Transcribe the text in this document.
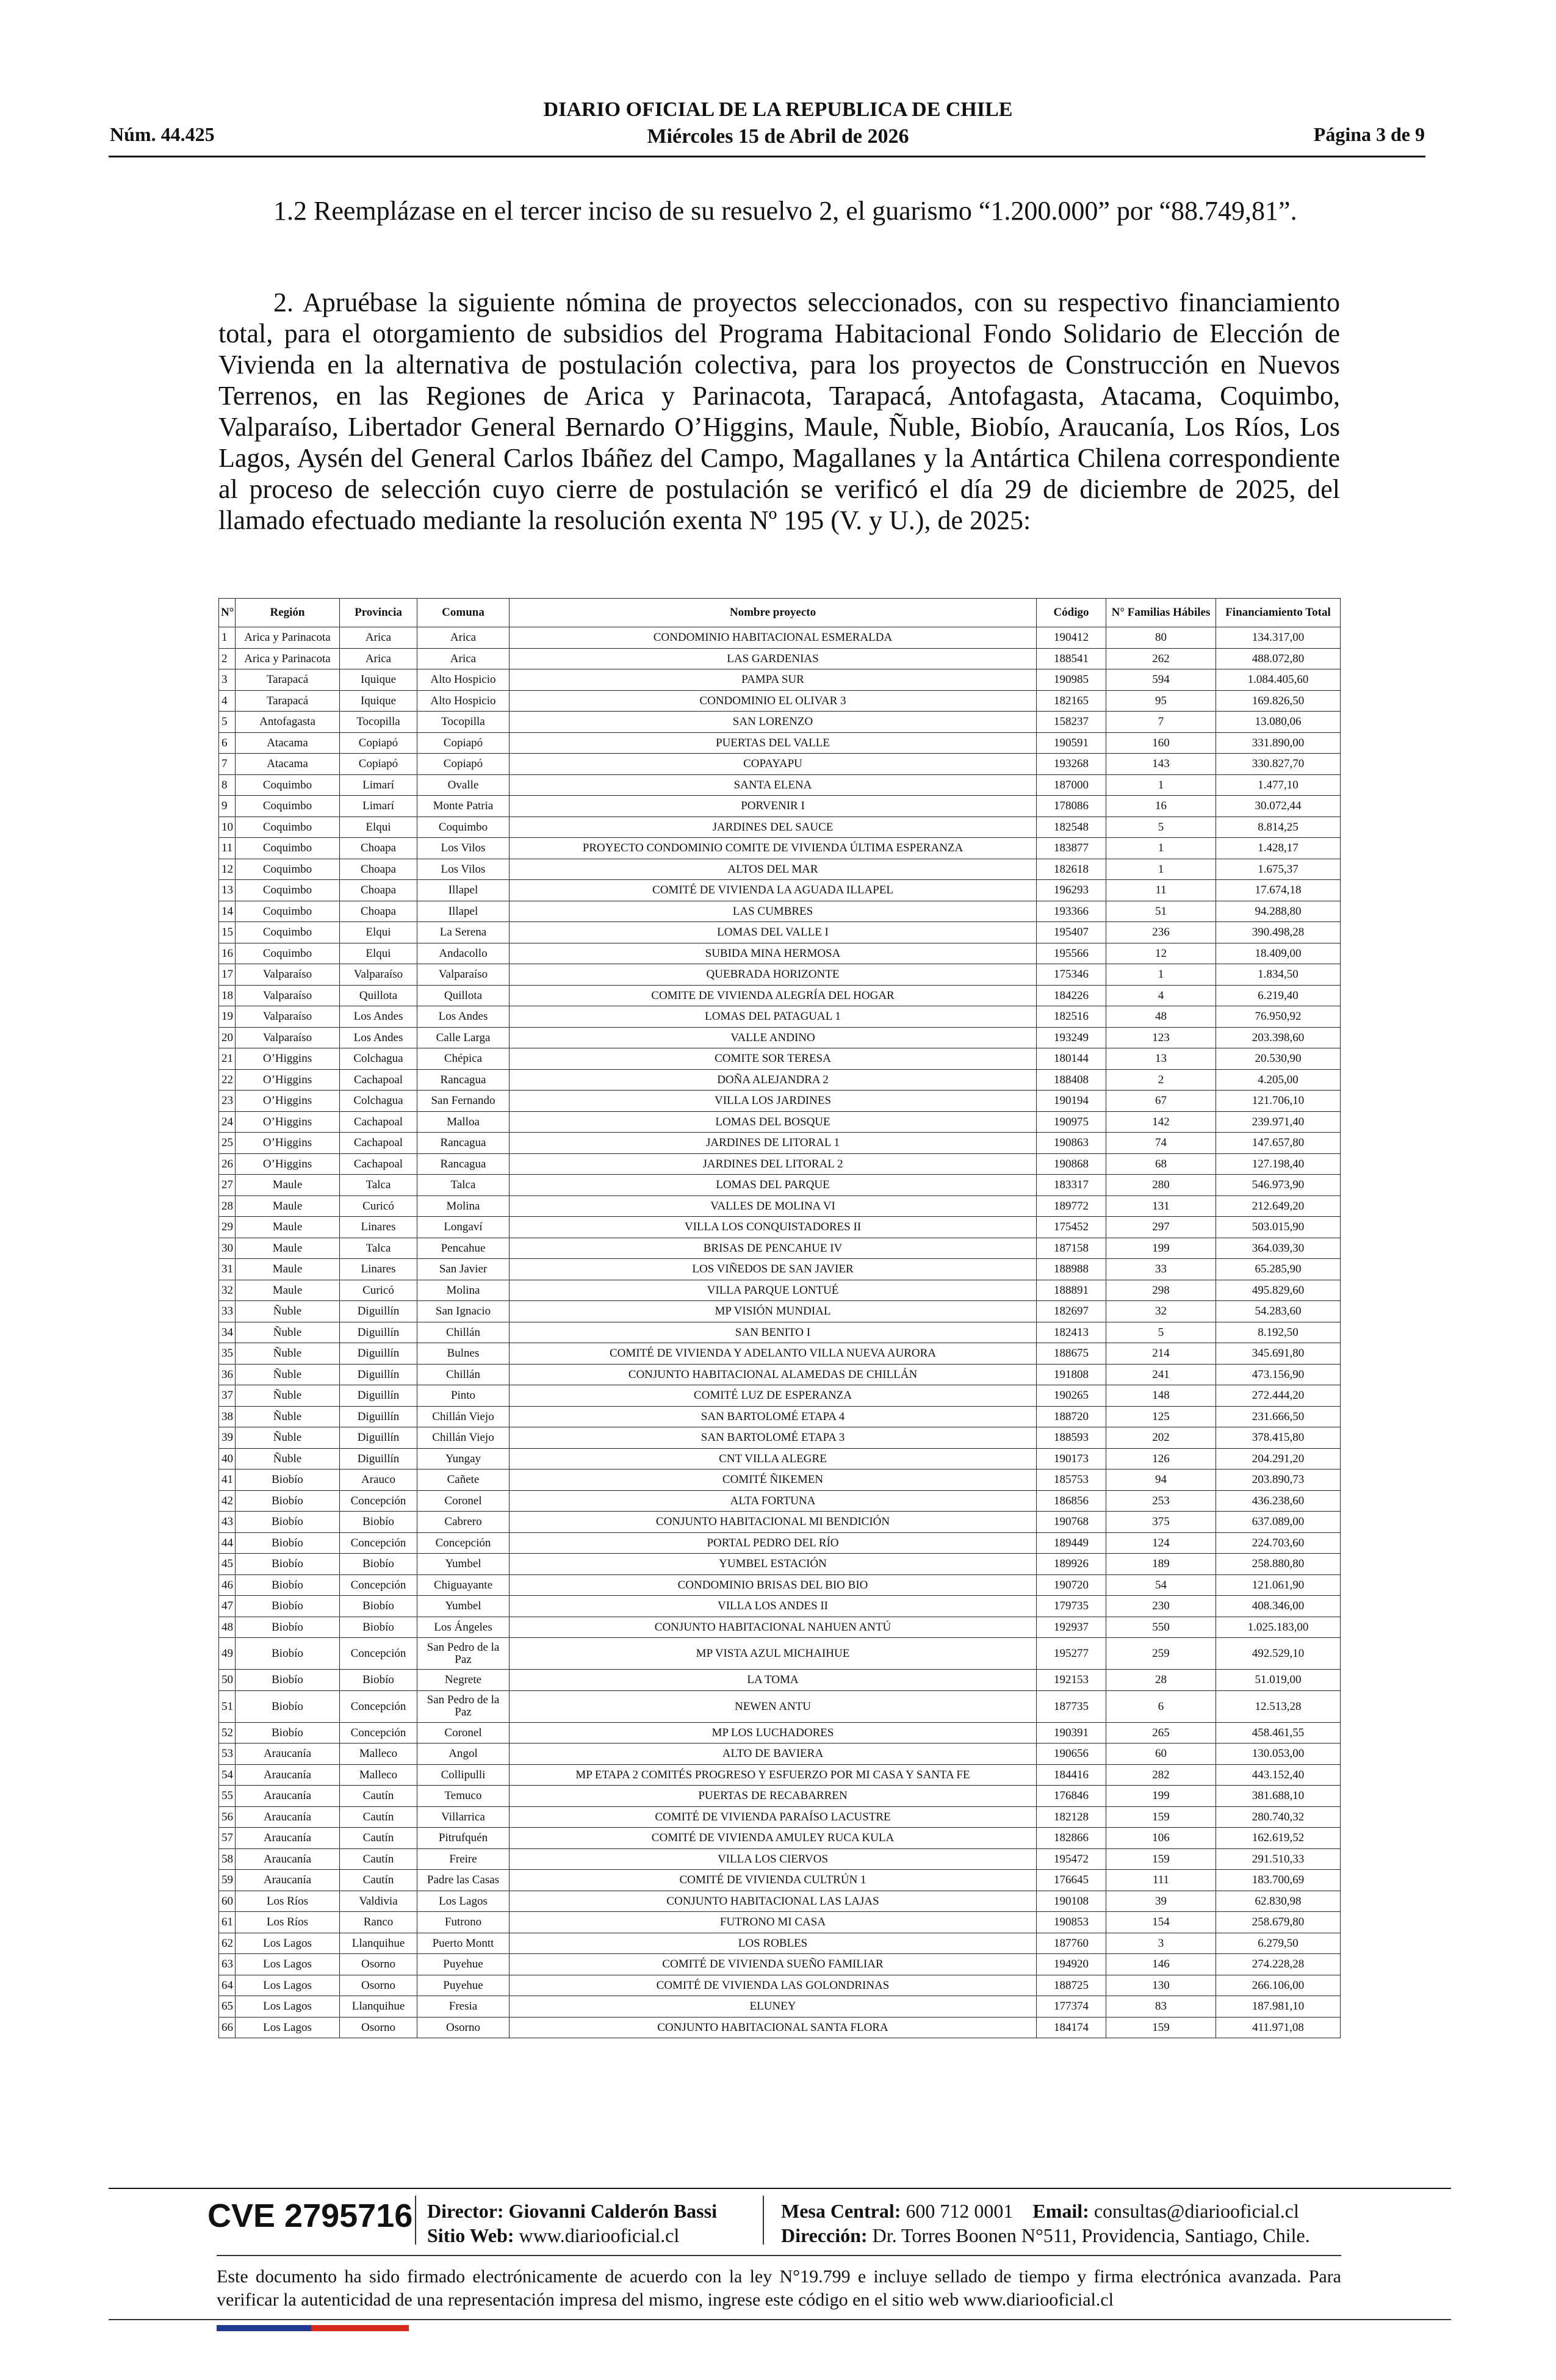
Núm. 44.425
DIARIO OFICIAL DE LA REPUBLICA DE CHILE
Miércoles 15 de Abril de 2026	Página 3 de 9

1.2 Reemplázase en el tercer inciso de su resuelvo 2, el guarismo “1.200.000” por “88.749,81”.

2. Apruébase la siguiente nómina de proyectos seleccionados, con su respectivo financiamiento total, para el otorgamiento de subsidios del Programa Habitacional Fondo Solidario de Elección de Vivienda en la alternativa de postulación colectiva, para los proyectos de Construcción en Nuevos Terrenos, en las Regiones de Arica y Parinacota, Tarapacá, Antofagasta, Atacama, Coquimbo, Valparaíso, Libertador General Bernardo O’Higgins, Maule, Ñuble, Biobío, Araucanía, Los Ríos, Los Lagos, Aysén del General Carlos Ibáñez del Campo, Magallanes y la Antártica Chilena correspondiente al proceso de selección cuyo cierre de postulación se verificó el día 29 de diciembre de 2025, del llamado efectuado mediante la resolución exenta Nº 195 (V. y U.), de 2025:

N°	Región	Provincia	Comuna	Nombre proyecto	Código	N° Familias Hábiles	Financiamiento Total
1	Arica y Parinacota	Arica	Arica	CONDOMINIO HABITACIONAL ESMERALDA	190412	80	134.317,00
2	Arica y Parinacota	Arica	Arica	LAS GARDENIAS	188541	262	488.072,80
3	Tarapacá	Iquique	Alto Hospicio	PAMPA SUR	190985	594	1.084.405,60
4	Tarapacá	Iquique	Alto Hospicio	CONDOMINIO EL OLIVAR 3	182165	95	169.826,50
5	Antofagasta	Tocopilla	Tocopilla	SAN LORENZO	158237	7	13.080,06
6	Atacama	Copiapó	Copiapó	PUERTAS DEL VALLE	190591	160	331.890,00
7	Atacama	Copiapó	Copiapó	COPAYAPU	193268	143	330.827,70
8	Coquimbo	Limarí	Ovalle	SANTA ELENA	187000	1	1.477,10
9	Coquimbo	Limarí	Monte Patria	PORVENIR I	178086	16	30.072,44
10	Coquimbo	Elqui	Coquimbo	JARDINES DEL SAUCE	182548	5	8.814,25
11	Coquimbo	Choapa	Los Vilos	PROYECTO CONDOMINIO COMITE DE VIVIENDA ÚLTIMA ESPERANZA	183877	1	1.428,17
12	Coquimbo	Choapa	Los Vilos	ALTOS DEL MAR	182618	1	1.675,37
13	Coquimbo	Choapa	Illapel	COMITÉ DE VIVIENDA LA AGUADA ILLAPEL	196293	11	17.674,18
14	Coquimbo	Choapa	Illapel	LAS CUMBRES	193366	51	94.288,80
15	Coquimbo	Elqui	La Serena	LOMAS DEL VALLE I	195407	236	390.498,28
16	Coquimbo	Elqui	Andacollo	SUBIDA MINA HERMOSA	195566	12	18.409,00
17	Valparaíso	Valparaíso	Valparaíso	QUEBRADA HORIZONTE	175346	1	1.834,50
18	Valparaíso	Quillota	Quillota	COMITE DE VIVIENDA ALEGRÍA DEL HOGAR	184226	4	6.219,40
19	Valparaíso	Los Andes	Los Andes	LOMAS DEL PATAGUAL 1	182516	48	76.950,92
20	Valparaíso	Los Andes	Calle Larga	VALLE ANDINO	193249	123	203.398,60
21	O’Higgins	Colchagua	Chépica	COMITE SOR TERESA	180144	13	20.530,90
22	O’Higgins	Cachapoal	Rancagua	DOÑA ALEJANDRA 2	188408	2	4.205,00
23	O’Higgins	Colchagua	San Fernando	VILLA LOS JARDINES	190194	67	121.706,10
24	O’Higgins	Cachapoal	Malloa	LOMAS DEL BOSQUE	190975	142	239.971,40
25	O’Higgins	Cachapoal	Rancagua	JARDINES DE LITORAL 1	190863	74	147.657,80
26	O’Higgins	Cachapoal	Rancagua	JARDINES DEL LITORAL 2	190868	68	127.198,40
27	Maule	Talca	Talca	LOMAS DEL PARQUE	183317	280	546.973,90
28	Maule	Curicó	Molina	VALLES DE MOLINA VI	189772	131	212.649,20
29	Maule	Linares	Longaví	VILLA LOS CONQUISTADORES II	175452	297	503.015,90
30	Maule	Talca	Pencahue	BRISAS DE PENCAHUE IV	187158	199	364.039,30
31	Maule	Linares	San Javier	LOS VIÑEDOS DE SAN JAVIER	188988	33	65.285,90
32	Maule	Curicó	Molina	VILLA PARQUE LONTUÉ	188891	298	495.829,60
33	Ñuble	Diguillín	San Ignacio	MP VISIÓN MUNDIAL	182697	32	54.283,60
34	Ñuble	Diguillín	Chillán	SAN BENITO I	182413	5	8.192,50
35	Ñuble	Diguillín	Bulnes	COMITÉ DE VIVIENDA Y ADELANTO VILLA NUEVA AURORA	188675	214	345.691,80
36	Ñuble	Diguillín	Chillán	CONJUNTO HABITACIONAL ALAMEDAS DE CHILLÁN	191808	241	473.156,90
37	Ñuble	Diguillín	Pinto	COMITÉ LUZ DE ESPERANZA	190265	148	272.444,20
38	Ñuble	Diguillín	Chillán Viejo	SAN BARTOLOMÉ ETAPA 4	188720	125	231.666,50
39	Ñuble	Diguillín	Chillán Viejo	SAN BARTOLOMÉ ETAPA 3	188593	202	378.415,80
40	Ñuble	Diguillín	Yungay	CNT VILLA ALEGRE	190173	126	204.291,20
41	Biobío	Arauco	Cañete	COMITÉ ÑIKEMEN	185753	94	203.890,73
42	Biobío	Concepción	Coronel	ALTA FORTUNA	186856	253	436.238,60
43	Biobío	Biobío	Cabrero	CONJUNTO HABITACIONAL MI BENDICIÓN	190768	375	637.089,00
44	Biobío	Concepción	Concepción	PORTAL PEDRO DEL RÍO	189449	124	224.703,60
45	Biobío	Biobío	Yumbel	YUMBEL ESTACIÓN	189926	189	258.880,80
46	Biobío	Concepción	Chiguayante	CONDOMINIO BRISAS DEL BIO BIO	190720	54	121.061,90
47	Biobío	Biobío	Yumbel	VILLA LOS ANDES II	179735	230	408.346,00
48	Biobío	Biobío	Los Ángeles	CONJUNTO HABITACIONAL NAHUEN ANTÚ	192937	550	1.025.183,00
49	Biobío	Concepción	San Pedro de la Paz	MP VISTA AZUL MICHAIHUE	195277	259	492.529,10
50	Biobío	Biobío	Negrete	LA TOMA	192153	28	51.019,00
51	Biobío	Concepción	San Pedro de la Paz	NEWEN ANTU	187735	6	12.513,28
52	Biobío	Concepción	Coronel	MP LOS LUCHADORES	190391	265	458.461,55
53	Araucanía	Malleco	Angol	ALTO DE BAVIERA	190656	60	130.053,00
54	Araucanía	Malleco	Collipulli	MP ETAPA 2 COMITÉS PROGRESO Y ESFUERZO POR MI CASA Y SANTA FE	184416	282	443.152,40
55	Araucanía	Cautín	Temuco	PUERTAS DE RECABARREN	176846	199	381.688,10
56	Araucanía	Cautín	Villarrica	COMITÉ DE VIVIENDA PARAÍSO LACUSTRE	182128	159	280.740,32
57	Araucanía	Cautín	Pitrufquén	COMITÉ DE VIVIENDA AMULEY RUCA KULA	182866	106	162.619,52
58	Araucanía	Cautín	Freire	VILLA LOS CIERVOS	195472	159	291.510,33
59	Araucanía	Cautín	Padre las Casas	COMITÉ DE VIVIENDA CULTRÚN 1	176645	111	183.700,69
60	Los Ríos	Valdivia	Los Lagos	CONJUNTO HABITACIONAL LAS LAJAS	190108	39	62.830,98
61	Los Ríos	Ranco	Futrono	FUTRONO MI CASA	190853	154	258.679,80
62	Los Lagos	Llanquihue	Puerto Montt	LOS ROBLES	187760	3	6.279,50
63	Los Lagos	Osorno	Puyehue	COMITÉ DE VIVIENDA SUEÑO FAMILIAR	194920	146	274.228,28
64	Los Lagos	Osorno	Puyehue	COMITÉ DE VIVIENDA LAS GOLONDRINAS	188725	130	266.106,00
65	Los Lagos	Llanquihue	Fresia	ELUNEY	177374	83	187.981,10
66	Los Lagos	Osorno	Osorno	CONJUNTO HABITACIONAL SANTA FLORA	184174	159	411.971,08
CVE 2795716 Director: Giovanni Calderón Bassi
Sitio Web: www.diariooficial.cl
Mesa Central: 600 712 0001 Email: consultas@diariooficial.cl
Dirección: Dr. Torres Boonen N°511, Providencia, Santiago, Chile.

Este documento ha sido firmado electrónicamente de acuerdo con la ley N°19.799 e incluye sellado de tiempo y firma electrónica avanzada. Para verificar la autenticidad de una representación impresa del mismo, ingrese este código en el sitio web www.diariooficial.cl
